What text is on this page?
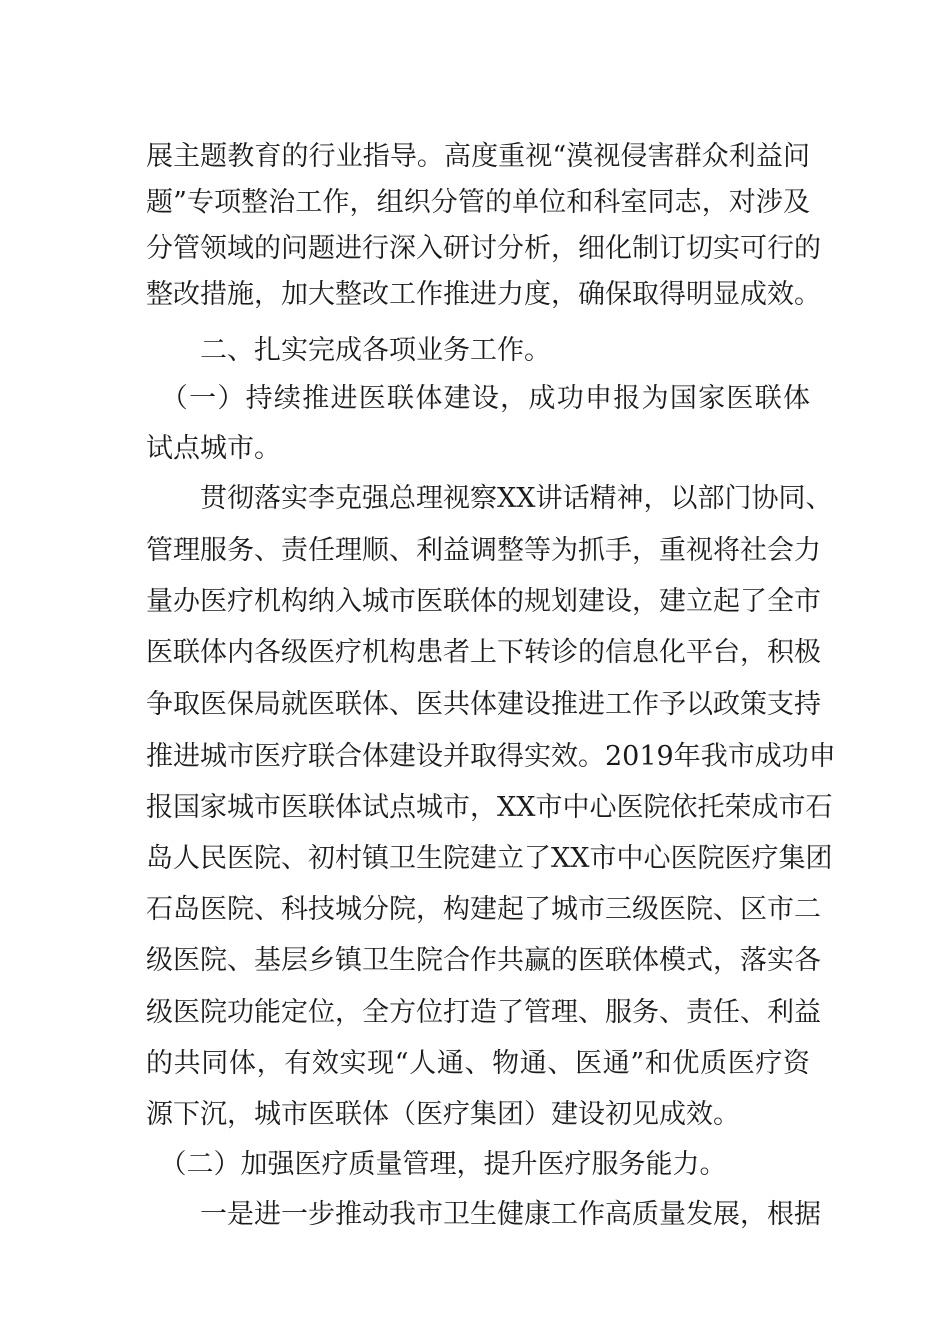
展主题教育的行业指导。高度重视“漠视侵害群众利益问
题”专项整治工作，组织分管的单位和科室同志，对涉及
分管领域的问题进行深入研讨分析，细化制订切实可行的
整改措施，加大整改工作推进力度，确保取得明显成效。
　　二、扎实完成各项业务工作。
　（一）持续推进医联体建设，成功申报为国家医联体
试点城市。
　　贯彻落实李克强总理视察XX讲话精神，以部门协同、
管理服务、责任理顺、利益调整等为抓手，重视将社会力
量办医疗机构纳入城市医联体的规划建设，建立起了全市
医联体内各级医疗机构患者上下转诊的信息化平台，积极
争取医保局就医联体、医共体建设推进工作予以政策支持
推进城市医疗联合体建设并取得实效。2019年我市成功申
报国家城市医联体试点城市，XX市中心医院依托荣成市石
岛人民医院、初村镇卫生院建立了XX市中心医院医疗集团
石岛医院、科技城分院，构建起了城市三级医院、区市二
级医院、基层乡镇卫生院合作共赢的医联体模式，落实各
级医院功能定位，全方位打造了管理、服务、责任、利益
的共同体，有效实现“人通、物通、医通”和优质医疗资
源下沉，城市医联体（医疗集团）建设初见成效。
　（二）加强医疗质量管理，提升医疗服务能力。
　　一是进一步推动我市卫生健康工作高质量发展，根据
